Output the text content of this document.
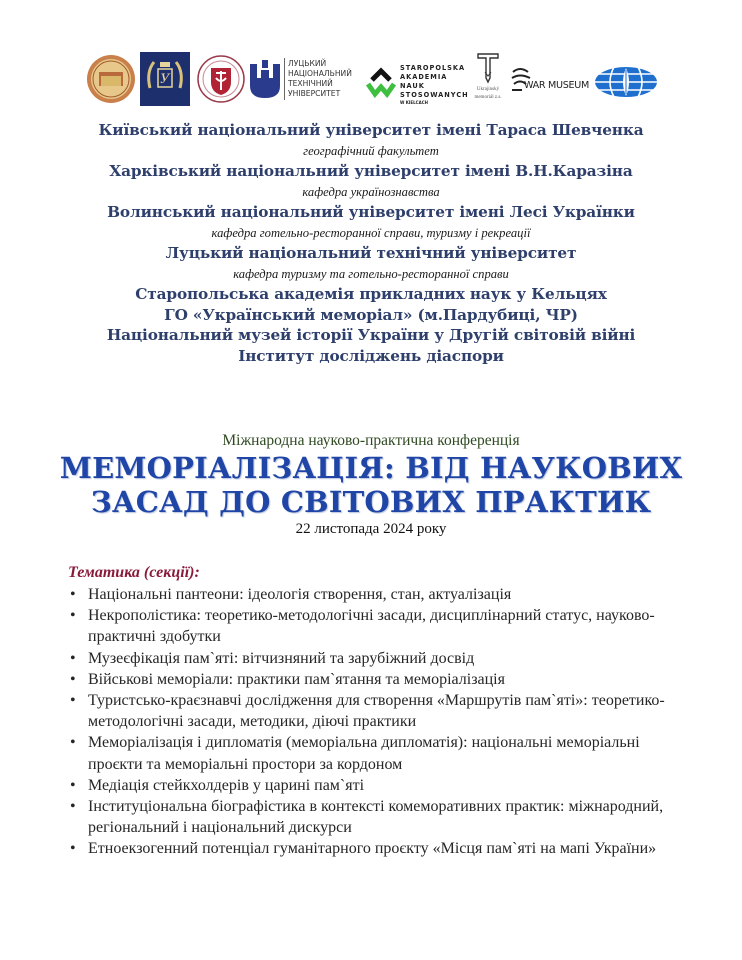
У
ЛУЦЬКИЙ
НАЦІОНАЛЬНИЙ
ТЕХНІЧНИЙ
УНІВЕРСИТЕТ
STAROPOLSKA
AKADEMIA NAUK
STOSOWANYCH
W KIELCACH
Ukrajinský
memoriál z.s.
WAR MUSEUM
Київський національний університет імені Тараса Шевченка
географічний факультет
Харківський національний університет імені В.Н.Каразіна
кафедра українознавства
Волинський національний університет імені Лесі Українки
кафедра готельно-ресторанної справи, туризму і рекреації
Луцький національний технічний університет
кафедра туризму та готельно-ресторанної справи
Старопольська академія прикладних наук у Кельцях
ГО «Український меморіал» (м.Пардубиці, ЧР)
Національний музей історії України у Другій світовій війні
Інститут досліджень діаспори
Міжнародна науково-практична конференція
МЕМОРІАЛІЗАЦІЯ: ВІД НАУКОВИХ
ЗАСАД ДО СВІТОВИХ ПРАКТИК
22 листопада 2024 року
Тематика (секції):
• Національні пантеони: ідеологія створення, стан, актуалізація
• Некрополістика: теоретико-методологічні засади, дисциплінарний статус, науково-практичні здобутки
• Музеєфікація пам`яті: вітчизняний та зарубіжний досвід
• Військові меморіали: практики пам`ятання та меморіалізація
• Туристсько-краєзнавчі дослідження для створення «Маршрутів пам`яті»: теоретико-методологічні засади, методики, діючі практики
• Меморіалізація і дипломатія (меморіальна дипломатія): національні меморіальні проєкти та меморіальні простори за кордоном
• Медіація стейкхолдерів у царині пам`яті
• Інституціональна біографістика в контексті комеморативних практик: міжнародний, регіональний і національний дискурси
• Етноекзогенний потенціал гуманітарного проєкту «Місця пам`яті на мапі України»
